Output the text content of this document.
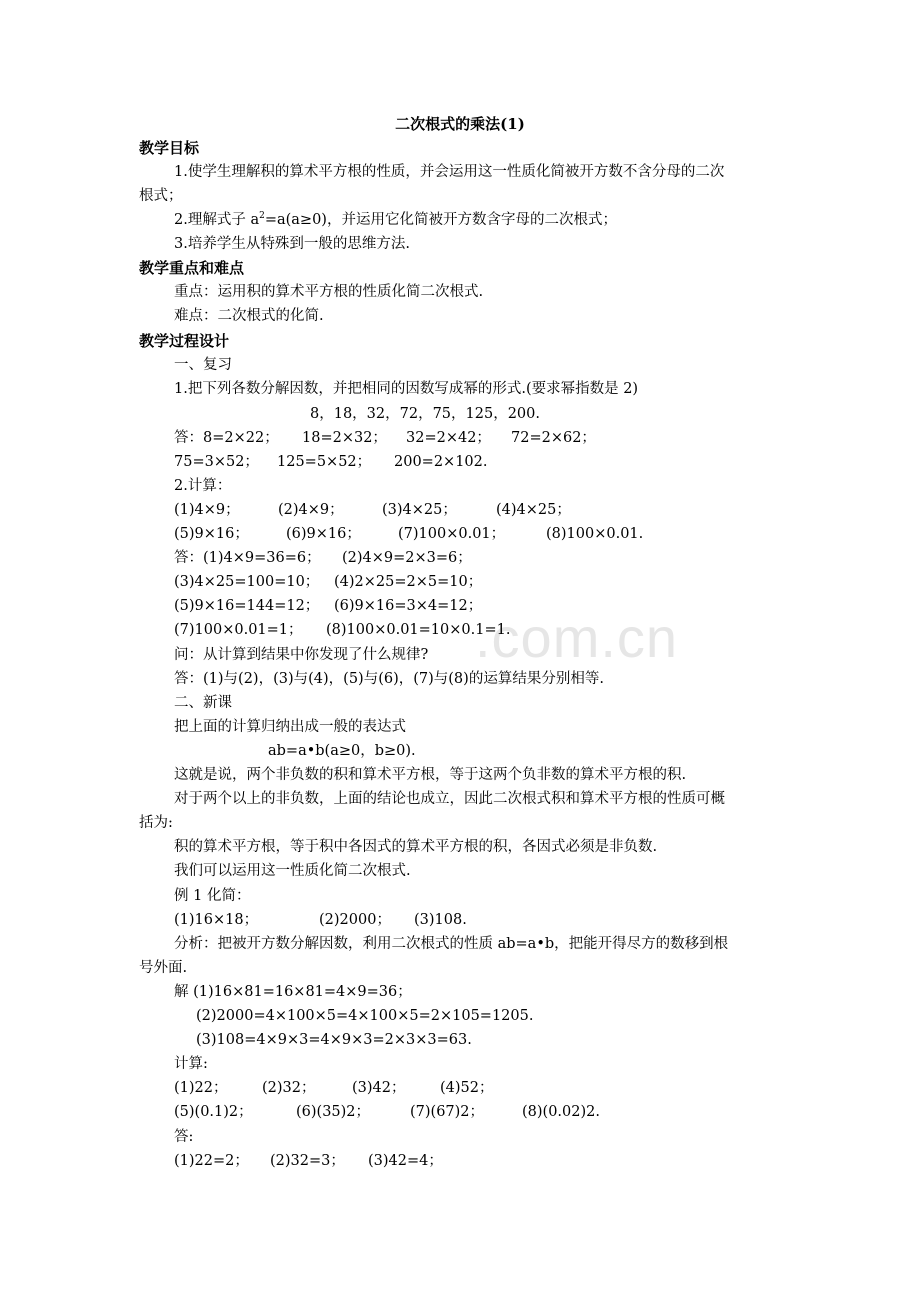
.com.cn
二次根式的乘法(1)
教学目标
1.使学生理解积的算术平方根的性质，并会运用这一性质化简被开方数不含分母的二次
根式；
2.理解式子 $a^2=a(a\ge 0)$，并运用它化简被开方数含字母的二次根式；
3.培养学生从特殊到一般的思维方法.
教学重点和难点
重点：运用积的算术平方根的性质化简二次根式.
难点：二次根式的化简.
教学过程设计
一、复习
1.把下列各数分解因数，并把相同的因数写成幂的形式.(要求幂指数是 2)
8，18，32，72，75，125，200.
答：8=2×22； 18=2×32； 32=2×42； 72=2×62；
75=3×52； 125=5×52； 200=2×102.
2.计算：
(1)4×9；	(2)4×9；	(3)4×25；	(4)4×25；
(5)9×16；	(6)9×16；	(7)100×0.01；	(8)100×0.01.
答：(1)4×9=36=6； (2)4×9=2×3=6；
(3)4×25=100=10； (4)2×25=2×5=10；
(5)9×16=144=12； (6)9×16=3×4=12；
(7)100×0.01=1； (8)100×0.01=10×0.1=1.
问：从计算到结果中你发现了什么规律?
答：(1)与(2)，(3)与(4)，(5)与(6)，(7)与(8)的运算结果分别相等.
二、新课
把上面的计算归纳出成一般的表达式
ab=a•b(a≥0，b≥0).
这就是说，两个非负数的积和算术平方根，等于这两个负非数的算术平方根的积.
对于两个以上的非负数，上面的结论也成立，因此二次根式积和算术平方根的性质可概
括为:
积的算术平方根，等于积中各因式的算术平方根的积，各因式必须是非负数.
我们可以运用这一性质化简二次根式.
例 1 化简：
(1)16×18；	(2)2000； (3)108.
分析：把被开方数分解因数，利用二次根式的性质 ab=a•b，把能开得尽方的数移到根
号外面.
解 (1)16×81=16×81=4×9=36；
(2)2000=4×100×5=4×100×5=2×105=1205.
(3)108=4×9×3=4×9×3=2×3×3=63.
计算:
(1)22； (2)32；	(3)42； (4)52；
(5)(0.1)2；	(6)(35)2；	(7)(67)2；	(8)(0.02)2.
答:
(1)22=2； (2)32=3； (3)42=4；
